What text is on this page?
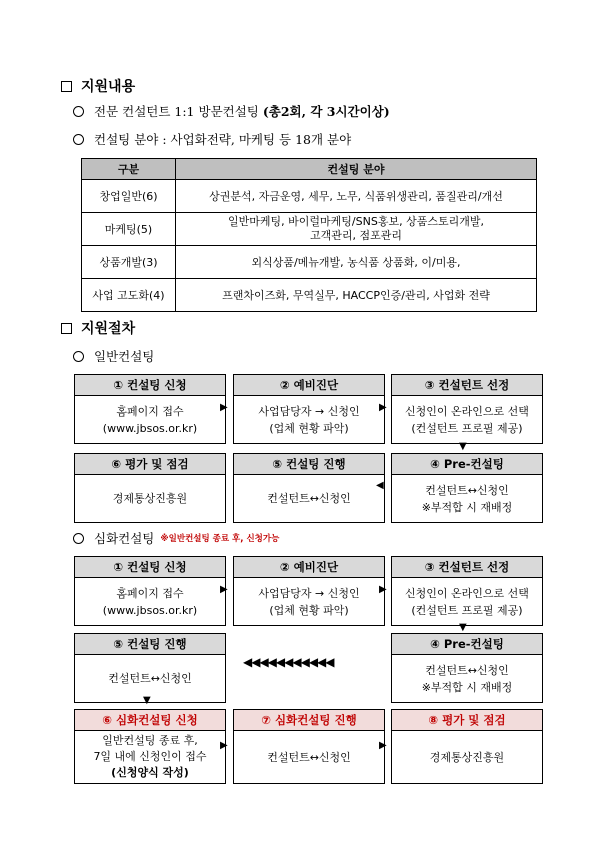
지원내용
전문 컨설턴트 1:1 방문컨설팅
(총2회, 각 3시간이상)
컨설팅 분야 : 사업화전략, 마케팅 등 18개 분야
구분	컨설팅 분야
창업일반(6)	상권분석, 자금운영, 세무, 노무, 식품위생관리, 품질관리/개선
마케팅(5)	일반마케팅, 바이럴마케팅/SNS홍보, 상품스토리개발,
고객관리, 점포관리

상품개발(3)	외식상품/메뉴개발, 농식품 상품화, 이/미용,
사업 고도화(4)	프랜차이즈화, 무역실무, HACCP인증/관리, 사업화 전략
지원절차
일반컨설팅
① 컨설팅 신청
홈페이지 접수
(www.jbsos.or.kr)
② 예비진단
사업담당자 → 신청인
(업체 현황 파악)
③ 컨설턴트 선정
신청인이 온라인으로 선택
(컨설턴트 프로필 제공)
▶	▶
▼
⑥ 평가 및 점검
경제통상진흥원
⑤ 컨설팅 진행
컨설턴트↔신청인
④ Pre-컨설팅
컨설턴트↔신청인
※부적합 시 재배정
◀
심화컨설팅 ※일반컨설팅 종료 후, 신청가능
① 컨설팅 신청
홈페이지 접수
(www.jbsos.or.kr)
② 예비진단
사업담당자 → 신청인
(업체 현황 파악)
③ 컨설턴트 선정
신청인이 온라인으로 선택
(컨설턴트 프로필 제공)
▶	▶
▼
⑤ 컨설팅 진행
컨설턴트↔신청인
◀◀◀◀◀◀◀◀◀◀◀
④ Pre-컨설팅
컨설턴트↔신청인
※부적합 시 재배정
▼
⑥ 심화컨설팅 신청
일반컨설팅 종료 후,
7일 내에 신청인이 접수
(신청양식 작성)
⑦ 심화컨설팅 진행
컨설턴트↔신청인
⑧ 평가 및 점검
경제통상진흥원
▶	▶
